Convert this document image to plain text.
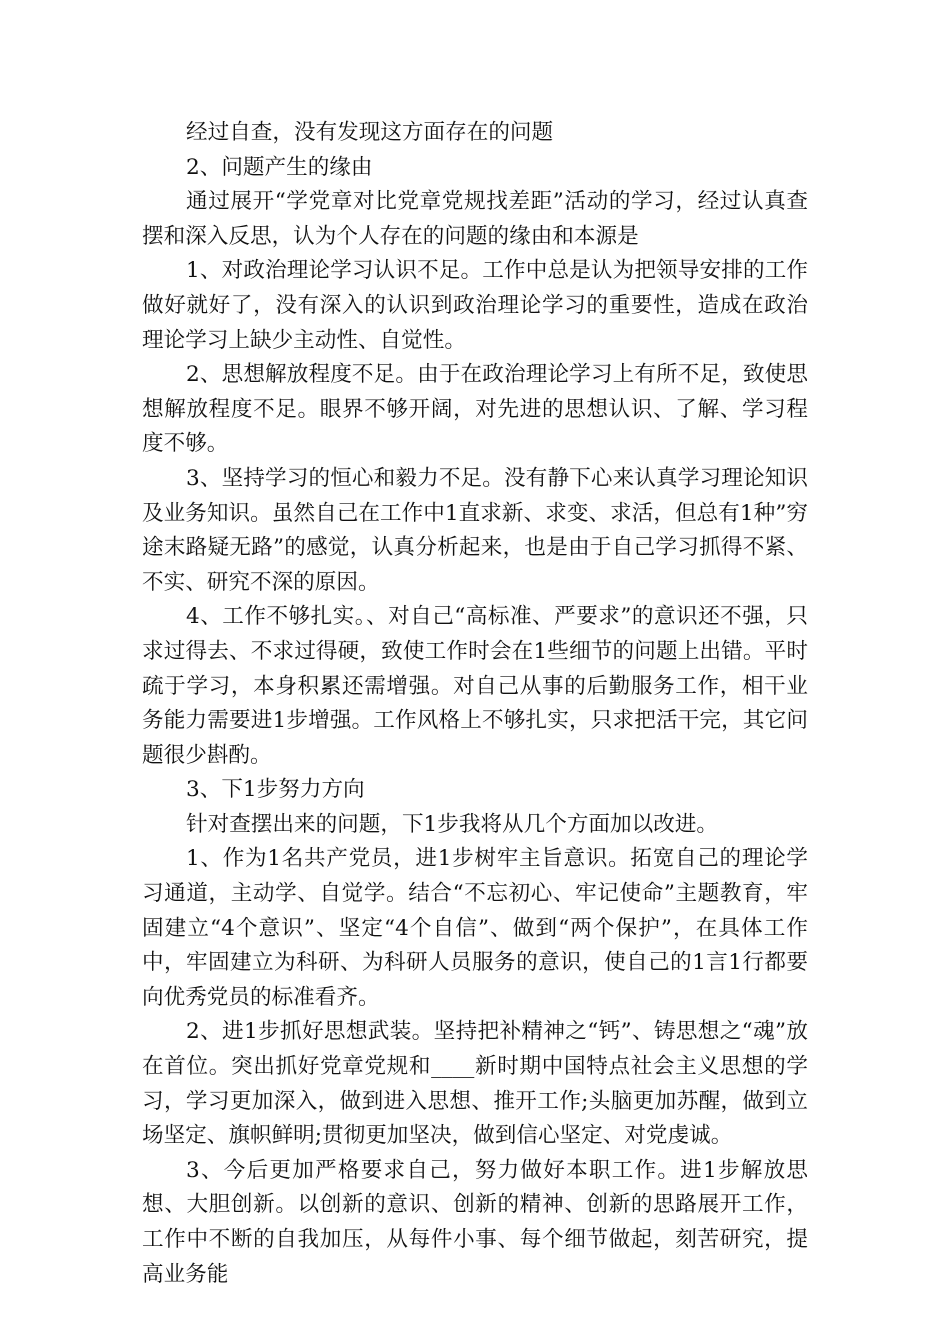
经过自查，没有发现这方面存在的问题

2、问题产生的缘由

通过展开“学党章对比党章党规找差距”活动的学习，经过认真查摆和深入反思，认为个人存在的问题的缘由和本源是

1、对政治理论学习认识不足。工作中总是认为把领导安排的工作做好就好了，没有深入的认识到政治理论学习的重要性，造成在政治理论学习上缺少主动性、自觉性。

2、思想解放程度不足。由于在政治理论学习上有所不足，致使思想解放程度不足。眼界不够开阔，对先进的思想认识、了解、学习程度不够。

3、坚持学习的恒心和毅力不足。没有静下心来认真学习理论知识及业务知识。虽然自己在工作中1直求新、求变、求活，但总有1种”穷途末路疑无路”的感觉，认真分析起来，也是由于自己学习抓得不紧、不实、研究不深的原因。

4、工作不够扎实。、对自己“高标准、严要求”的意识还不强，只求过得去、不求过得硬，致使工作时会在1些细节的问题上出错。平时疏于学习，本身积累还需增强。对自己从事的后勤服务工作，相干业务能力需要进1步增强。工作风格上不够扎实，只求把活干完，其它问题很少斟酌。

3、下1步努力方向

针对查摆出来的问题，下1步我将从几个方面加以改进。

1、作为1名共产党员，进1步树牢主旨意识。拓宽自己的理论学习通道，主动学、自觉学。结合“不忘初心、牢记使命”主题教育，牢固建立“4个意识”、坚定“4个自信”、做到“两个保护”，在具体工作中，牢固建立为科研、为科研人员服务的意识，使自己的1言1行都要向优秀党员的标准看齐。

2、进1步抓好思想武装。坚持把补精神之“钙”、铸思想之“魂”放在首位。突出抓好党章党规和____新时期中国特点社会主义思想的学习，学习更加深入，做到进入思想、推开工作;头脑更加苏醒，做到立场坚定、旗帜鲜明;贯彻更加坚决，做到信心坚定、对党虔诚。

3、今后更加严格要求自己，努力做好本职工作。进1步解放思想、大胆创新。以创新的意识、创新的精神、创新的思路展开工作，工作中不断的自我加压，从每件小事、每个细节做起，刻苦研究，提高业务能
